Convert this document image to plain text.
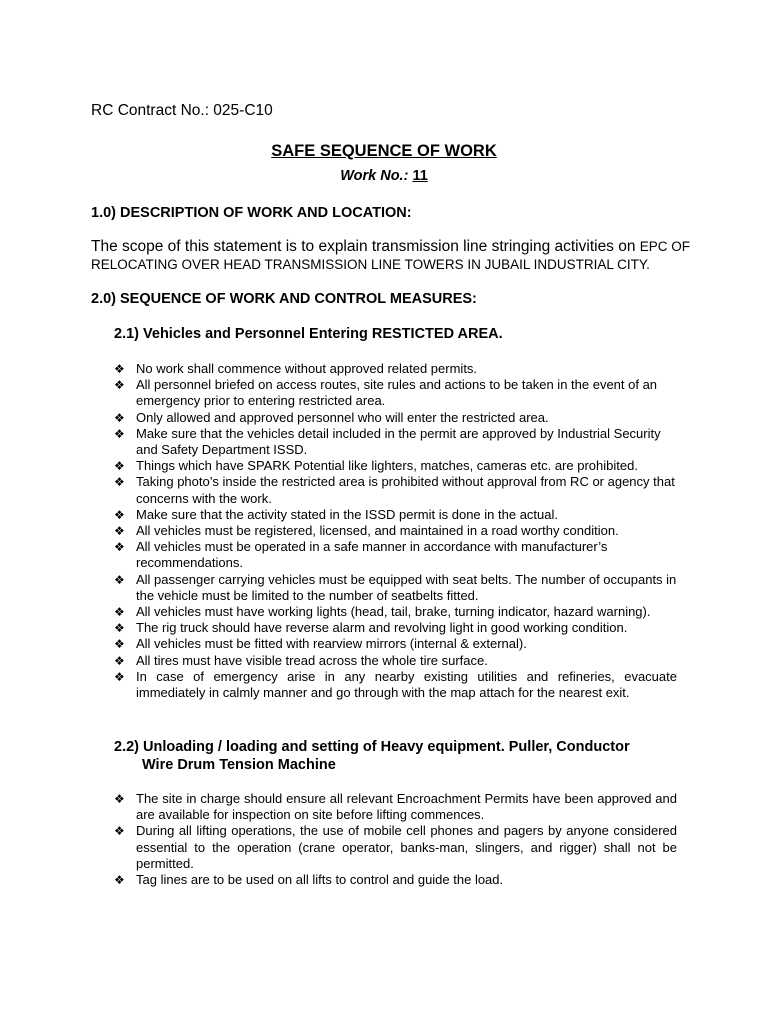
RC Contract No.: 025-C10
SAFE SEQUENCE OF WORK
Work No.: 11
1.0) DESCRIPTION OF WORK AND LOCATION:
The scope of this statement is to explain transmission line stringing activities on EPC OF RELOCATING OVER HEAD TRANSMISSION LINE TOWERS IN JUBAIL INDUSTRIAL CITY.
2.0) SEQUENCE OF WORK AND CONTROL MEASURES:
2.1) Vehicles and Personnel Entering RESTICTED AREA.
❖ No work shall commence without approved related permits.
❖ All personnel briefed on access routes, site rules and actions to be taken in the event of an emergency prior to entering restricted area.
❖ Only allowed and approved personnel who will enter the restricted area.
❖ Make sure that the vehicles detail included in the permit are approved by Industrial Security and Safety Department ISSD.
❖ Things which have SPARK Potential like lighters, matches, cameras etc. are prohibited.
❖ Taking photo’s inside the restricted area is prohibited without approval from RC or agency that concerns with the work.
❖ Make sure that the activity stated in the ISSD permit is done in the actual.
❖ All vehicles must be registered, licensed, and maintained in a road worthy condition.
❖ All vehicles must be operated in a safe manner in accordance with manufacturer’s recommendations.
❖ All passenger carrying vehicles must be equipped with seat belts. The number of occupants in the vehicle must be limited to the number of seatbelts fitted.
❖ All vehicles must have working lights (head, tail, brake, turning indicator, hazard warning).
❖ The rig truck should have reverse alarm and revolving light in good working condition.
❖ All vehicles must be fitted with rearview mirrors (internal & external).
❖ All tires must have visible tread across the whole tire surface.
❖ In case of emergency arise in any nearby existing utilities and refineries, evacuate immediately in calmly manner and go through with the map attach for the nearest exit.
2.2) Unloading / loading and setting of Heavy equipment. Puller, Conductor
Wire Drum Tension Machine
❖ The site in charge should ensure all relevant Encroachment Permits have been approved and are available for inspection on site before lifting commences.
❖ During all lifting operations, the use of mobile cell phones and pagers by anyone considered essential to the operation (crane operator, banks-man, slingers, and rigger) shall not be permitted.
❖ Tag lines are to be used on all lifts to control and guide the load.
